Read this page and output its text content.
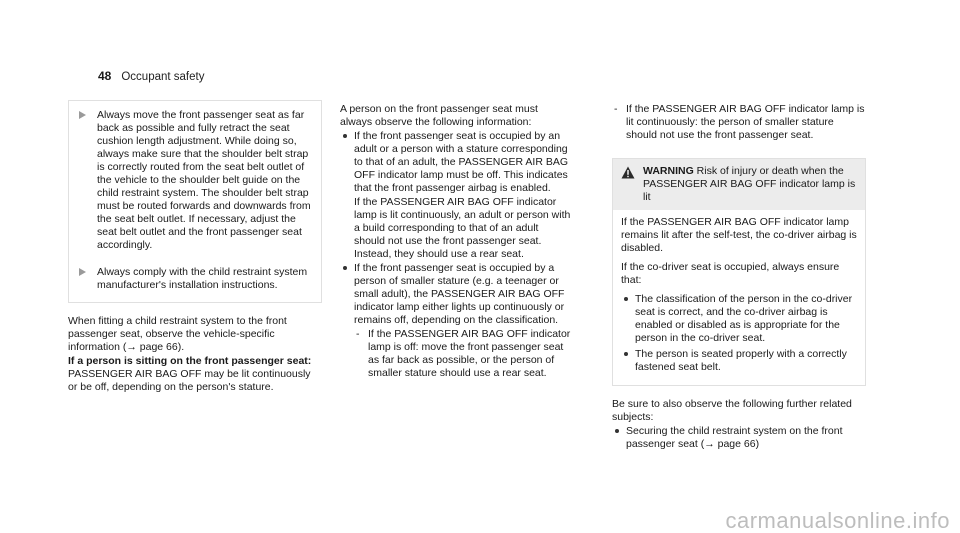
48 Occupant safety
Always move the front passenger seat as far back as possible and fully retract the seat cushion length adjustment. While doing so, always make sure that the shoulder belt strap is correctly routed from the seat belt outlet of the vehicle to the shoulder belt guide on the child restraint system. The shoulder belt strap must be routed forwards and downwards from the seat belt outlet. If necessary, adjust the seat belt outlet and the front passenger seat accordingly.
Always comply with the child restraint system manufacturer's installation instructions.

When fitting a child restraint system to the front passenger seat, observe the vehicle-specific information (→ page 66).

If a person is sitting on the front passenger seat: PASSENGER AIR BAG OFF may be lit continuously or be off, depending on the person's stature.

A person on the front passenger seat must always observe the following information:

If the front passenger seat is occupied by an adult or a person with a stature corresponding to that of an adult, the PASSENGER AIR BAG OFF indicator lamp must be off. This indicates that the front passenger airbag is enabled.

If the PASSENGER AIR BAG OFF indicator lamp is lit continuously, an adult or person with a build corresponding to that of an adult should not use the front passenger seat.

Instead, they should use a rear seat.

If the front passenger seat is occupied by a person of smaller stature (e.g. a teenager or small adult), the PASSENGER AIR BAG OFF indicator lamp either lights up continuously or remains off, depending on the classification.
- If the PASSENGER AIR BAG OFF indicator lamp is off: move the front passenger seat as far back as possible, or the person of smaller stature should use a rear seat.
- If the PASSENGER AIR BAG OFF indicator lamp is lit continuously: the person of smaller stature should not use the front passenger seat.
WARNING Risk of injury or death when the PASSENGER AIR BAG OFF indicator lamp is lit

If the PASSENGER AIR BAG OFF indicator lamp remains lit after the self-test, the co-driver airbag is disabled.

If the co-driver seat is occupied, always ensure that:

The classification of the person in the co-driver seat is correct, and the co-driver airbag is enabled or disabled as is appropriate for the person in the co-driver seat.
The person is seated properly with a correctly fastened seat belt.

Be sure to also observe the following further related subjects:

Securing the child restraint system on the front passenger seat (→ page 66)
carmanualsonline.info
